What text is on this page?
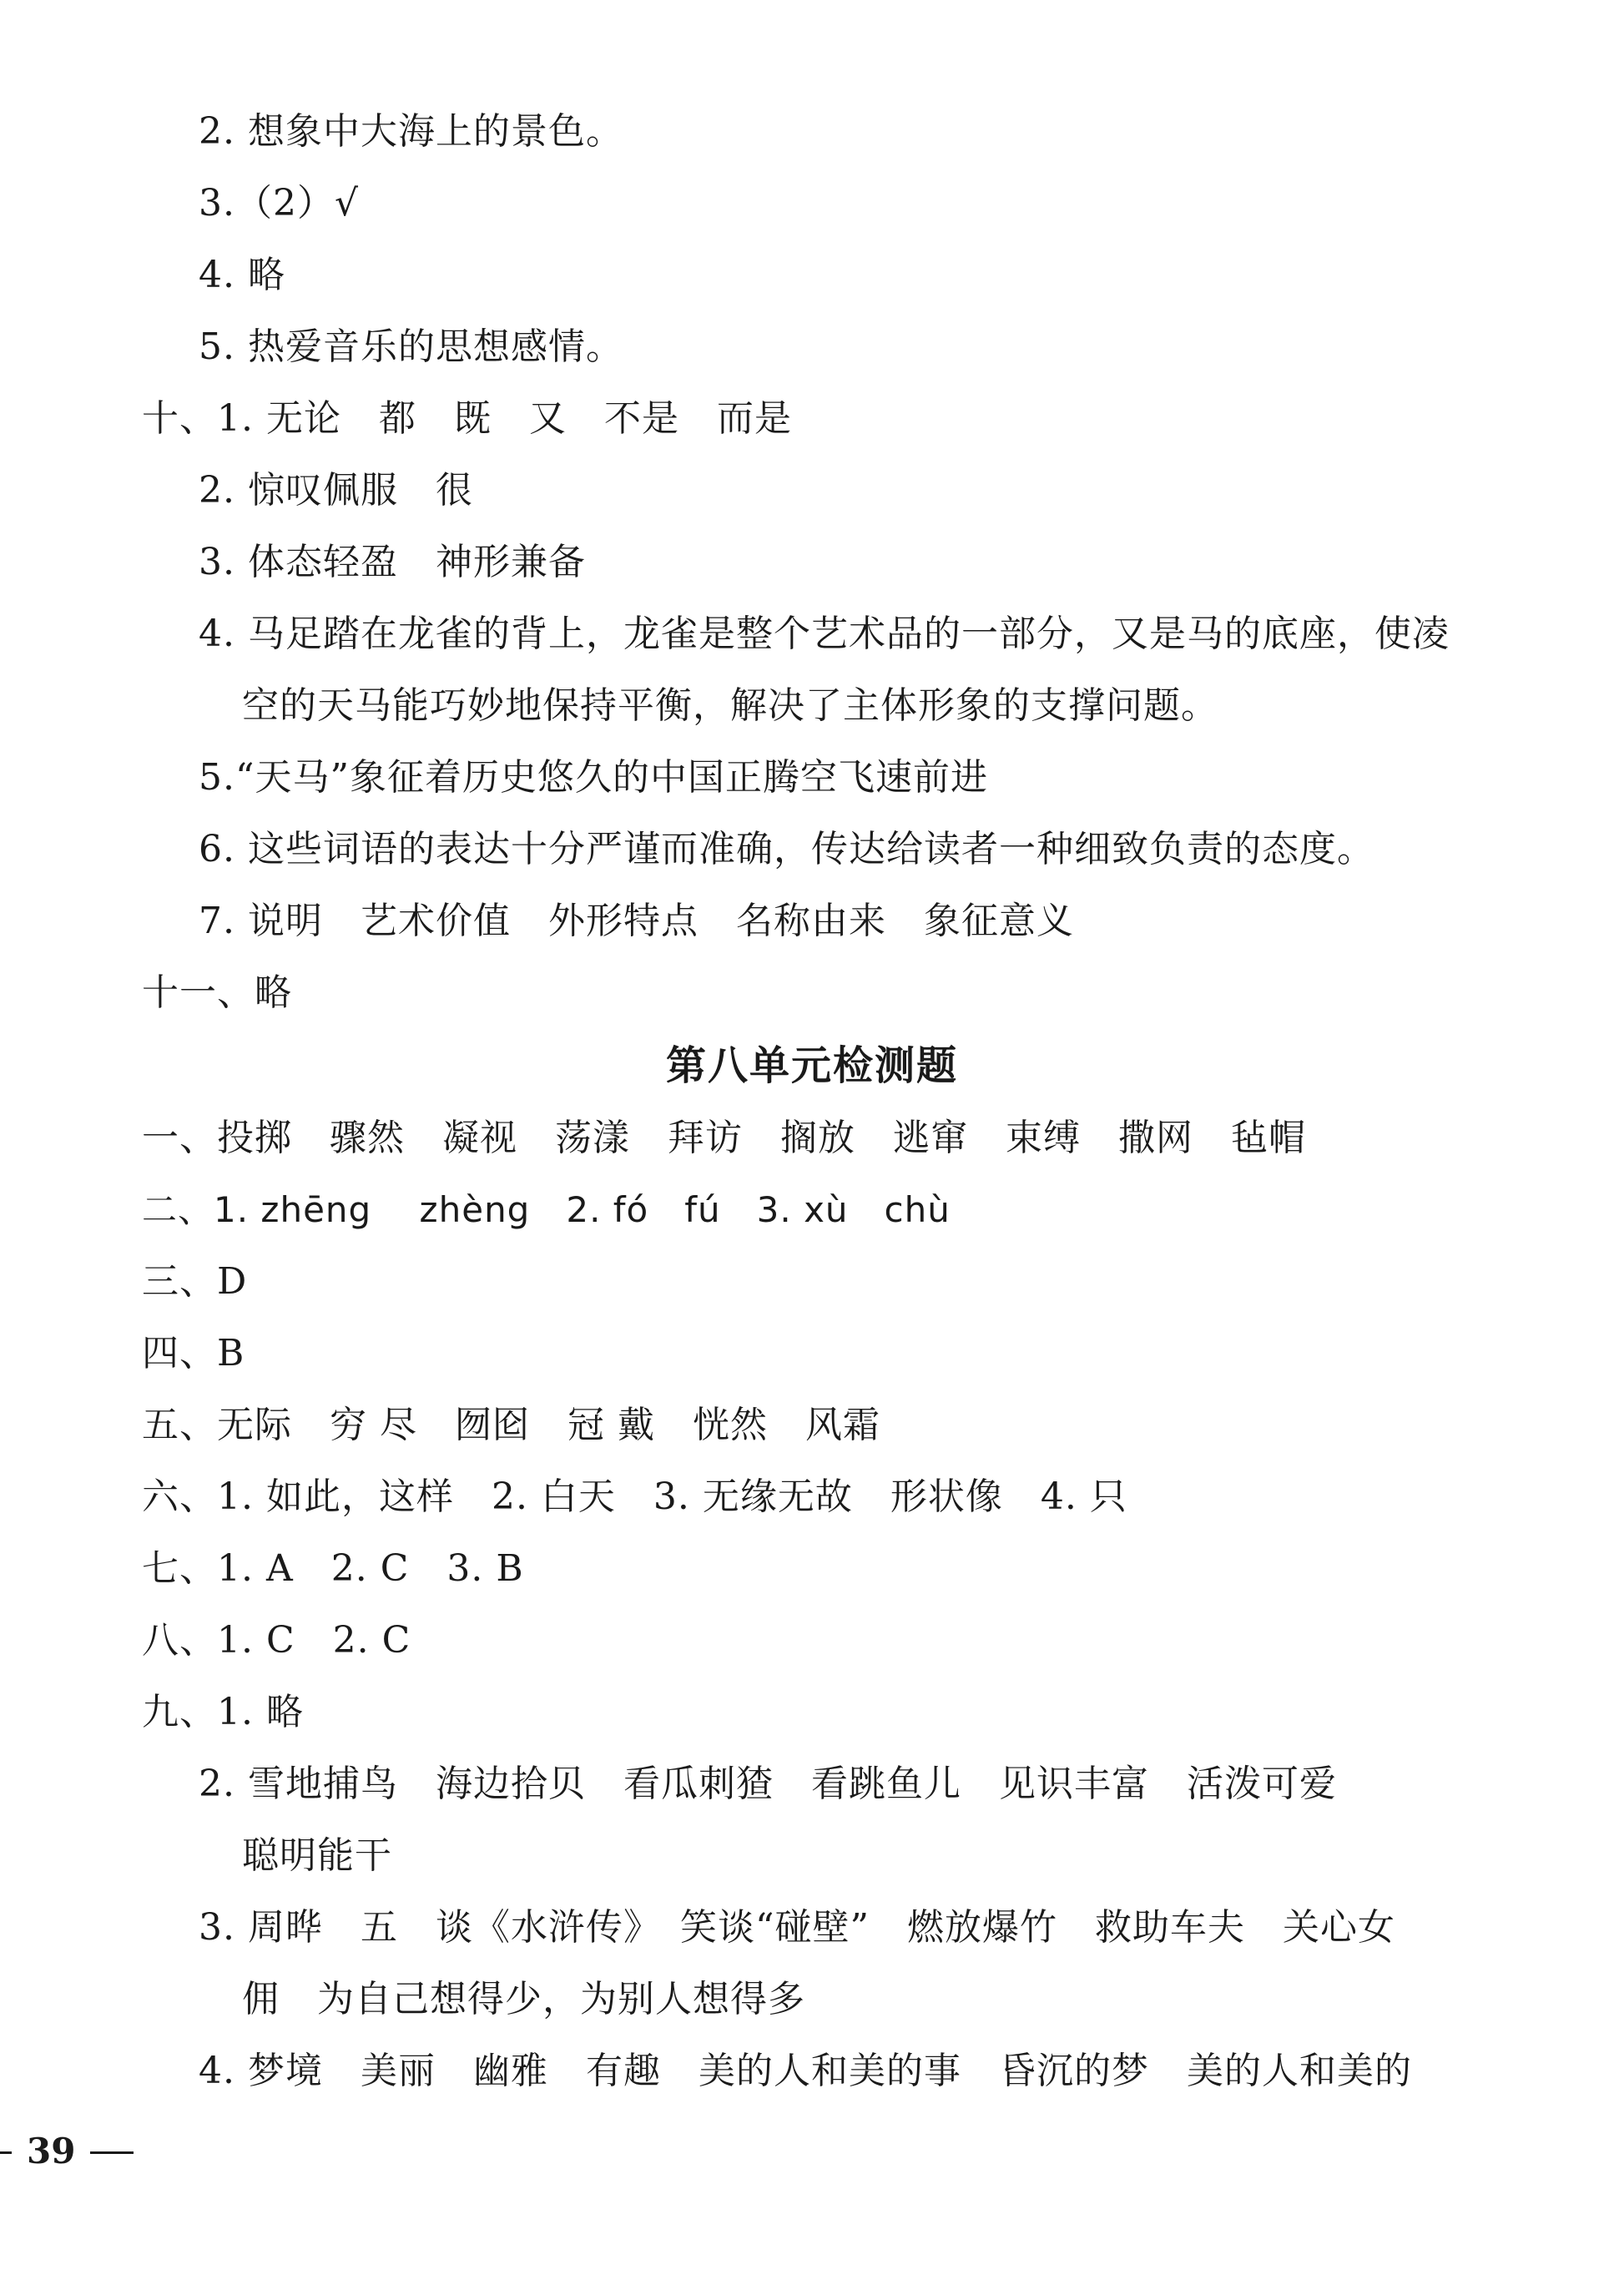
2. 想象中大海上的景色。
3.（2）√
4. 略
5. 热爱音乐的思想感情。
十、1. 无论　都　既　又　不是　而是
2. 惊叹佩服　很
3. 体态轻盈　神形兼备
4. 马足踏在龙雀的背上，龙雀是整个艺术品的一部分，又是马的底座，使凌
空的天马能巧妙地保持平衡，解决了主体形象的支撑问题。
5.“天马”象征着历史悠久的中国正腾空飞速前进
6. 这些词语的表达十分严谨而准确，传达给读者一种细致负责的态度。
7. 说明　艺术价值　外形特点　名称由来　象征意义
十一、略
第八单元检测题
一、投掷　骤然　凝视　荡漾　拜访　搁放　逃窜　束缚　撒网　毡帽
二、1. zhēng　 zhèng　2. fó　fú　3. xù　chù
三、D
四、B
五、无际　穷 尽　囫囵　冠 戴　恍然　风霜
六、1. 如此，这样　2. 白天　3. 无缘无故　形状像　4. 只
七、1. A　2. C　3. B
八、1. C　2. C
九、1. 略
2. 雪地捕鸟　海边拾贝　看瓜刺猹　看跳鱼儿　见识丰富　活泼可爱
聪明能干
3. 周晔　五　谈《水浒传》　笑谈“碰壁”　燃放爆竹　救助车夫　关心女
佣　为自己想得少，为别人想得多
4. 梦境　美丽　幽雅　有趣　美的人和美的事　昏沉的梦　美的人和美的
39
